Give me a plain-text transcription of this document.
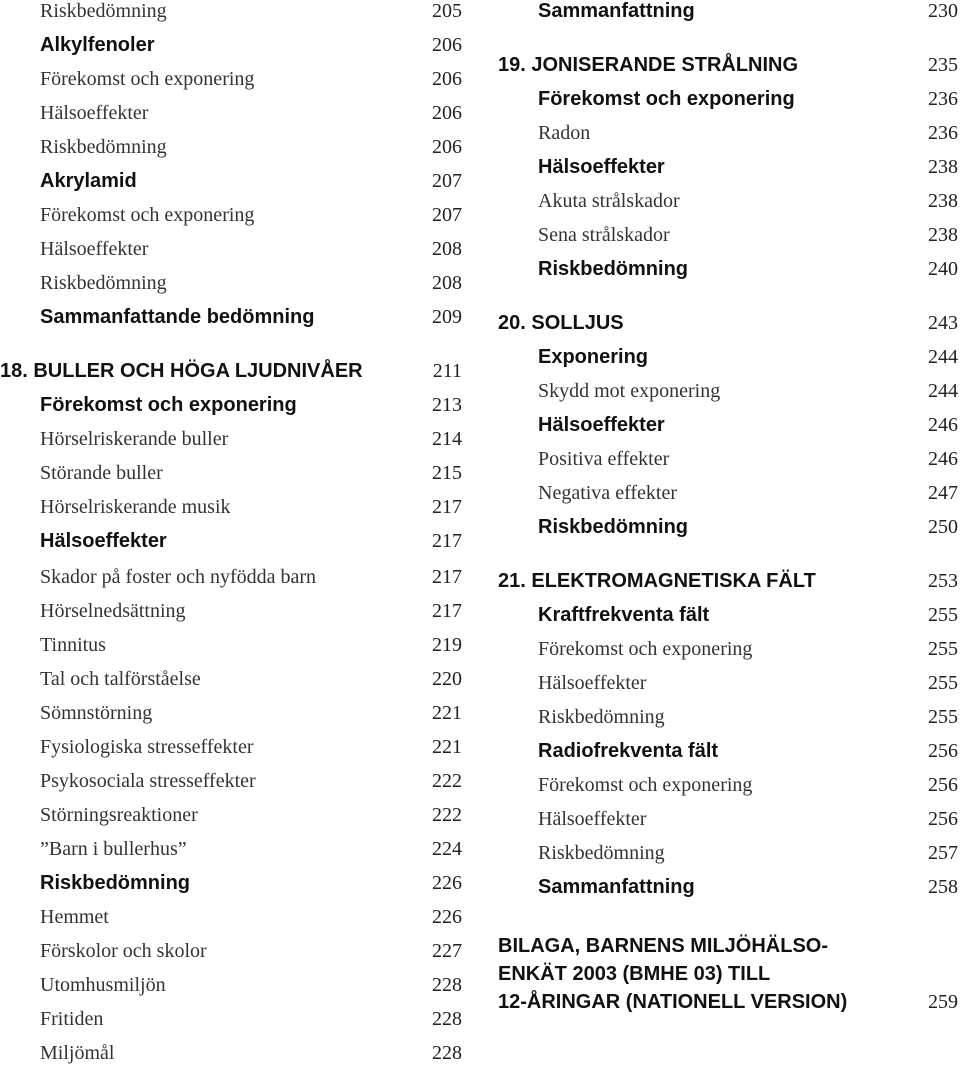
Riskbedömning	205
Alkylfenoler	206
Förekomst och exponering	206
Hälsoeffekter	206
Riskbedömning	206
Akrylamid	207
Förekomst och exponering	207
Hälsoeffekter	208
Riskbedömning	208
Sammanfattande bedömning	209
18. BULLER OCH HÖGA LJUDNIVÅER	211
Förekomst och exponering	213
Hörselriskerande buller	214
Störande buller	215
Hörselriskerande musik	217
Hälsoeffekter	217
Skador på foster och nyfödda barn	217
Hörselnedsättning	217
Tinnitus	219
Tal och talförståelse	220
Sömnstörning	221
Fysiologiska stresseffekter	221
Psykosociala stresseffekter	222
Störningsreaktioner	222
”Barn i bullerhus”	224
Riskbedömning	226
Hemmet	226
Förskolor och skolor	227
Utomhusmiljön	228
Fritiden	228
Miljömål	228
Sammanfattning	230
19. JONISERANDE STRÅLNING	235
Förekomst och exponering	236
Radon	236
Hälsoeffekter	238
Akuta strålskador	238
Sena strålskador	238
Riskbedömning	240
20. SOLLJUS	243
Exponering	244
Skydd mot exponering	244
Hälsoeffekter	246
Positiva effekter	246
Negativa effekter	247
Riskbedömning	250
21. ELEKTROMAGNETISKA FÄLT	253
Kraftfrekventa fält	255
Förekomst och exponering	255
Hälsoeffekter	255
Riskbedömning	255
Radiofrekventa fält	256
Förekomst och exponering	256
Hälsoeffekter	256
Riskbedömning	257
Sammanfattning	258
BILAGA, BARNENS MILJÖHÄLSO-
ENKÄT 2003 (BMHE 03) TILL
12-ÅRINGAR (NATIONELL VERSION)	259
